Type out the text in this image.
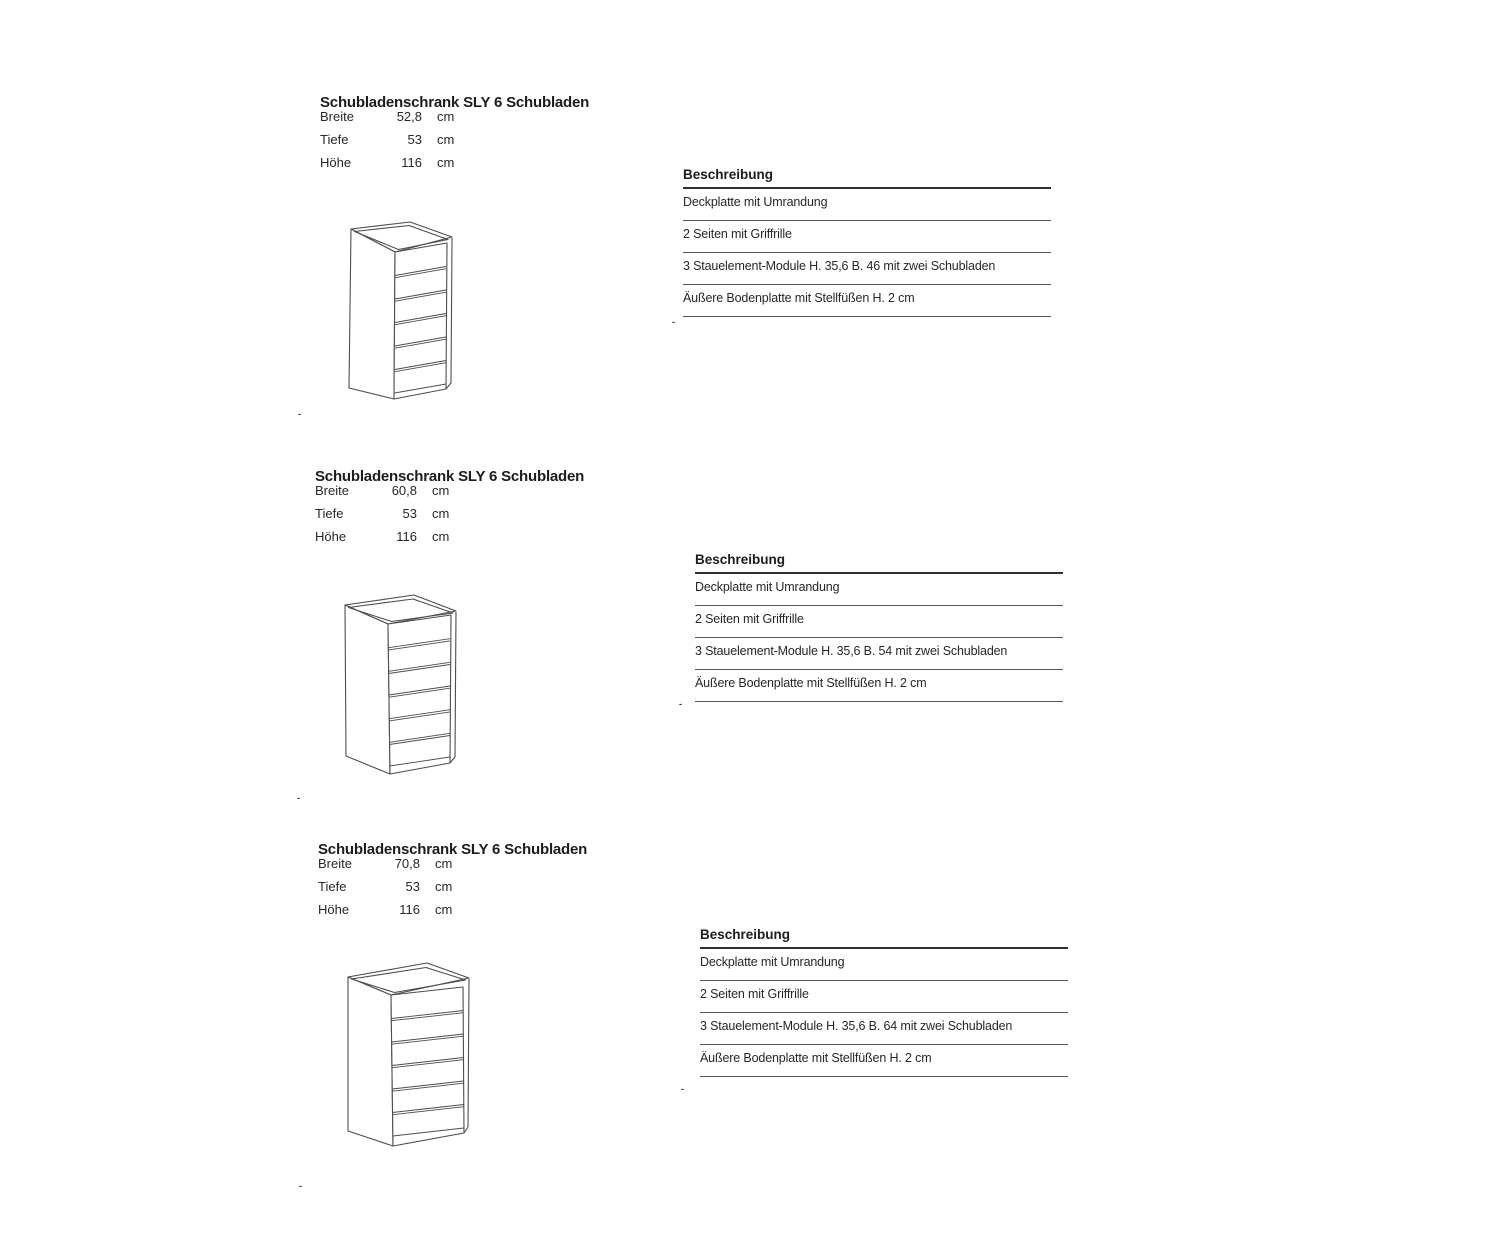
Schubladenschrank SLY 6 Schubladen
Breite	52,8 cm
Tiefe	53 cm
Höhe	116 cm
Beschreibung
Deckplatte mit Umrandung
2 Seiten mit Griffrille
3 Stauelement-Module H. 35,6 B. 46 mit zwei Schubladen
Äußere Bodenplatte mit Stellfüßen H. 2 cm
-
-
Schubladenschrank SLY 6 Schubladen
Breite	60,8 cm
Tiefe	53 cm
Höhe	116 cm
Beschreibung
Deckplatte mit Umrandung
2 Seiten mit Griffrille
3 Stauelement-Module H. 35,6 B. 54 mit zwei Schubladen
Äußere Bodenplatte mit Stellfüßen H. 2 cm
-
-
Schubladenschrank SLY 6 Schubladen
Breite	70,8 cm
Tiefe	53 cm
Höhe	116 cm
Beschreibung
Deckplatte mit Umrandung
2 Seiten mit Griffrille
3 Stauelement-Module H. 35,6 B. 64 mit zwei Schubladen
Äußere Bodenplatte mit Stellfüßen H. 2 cm
-
-
